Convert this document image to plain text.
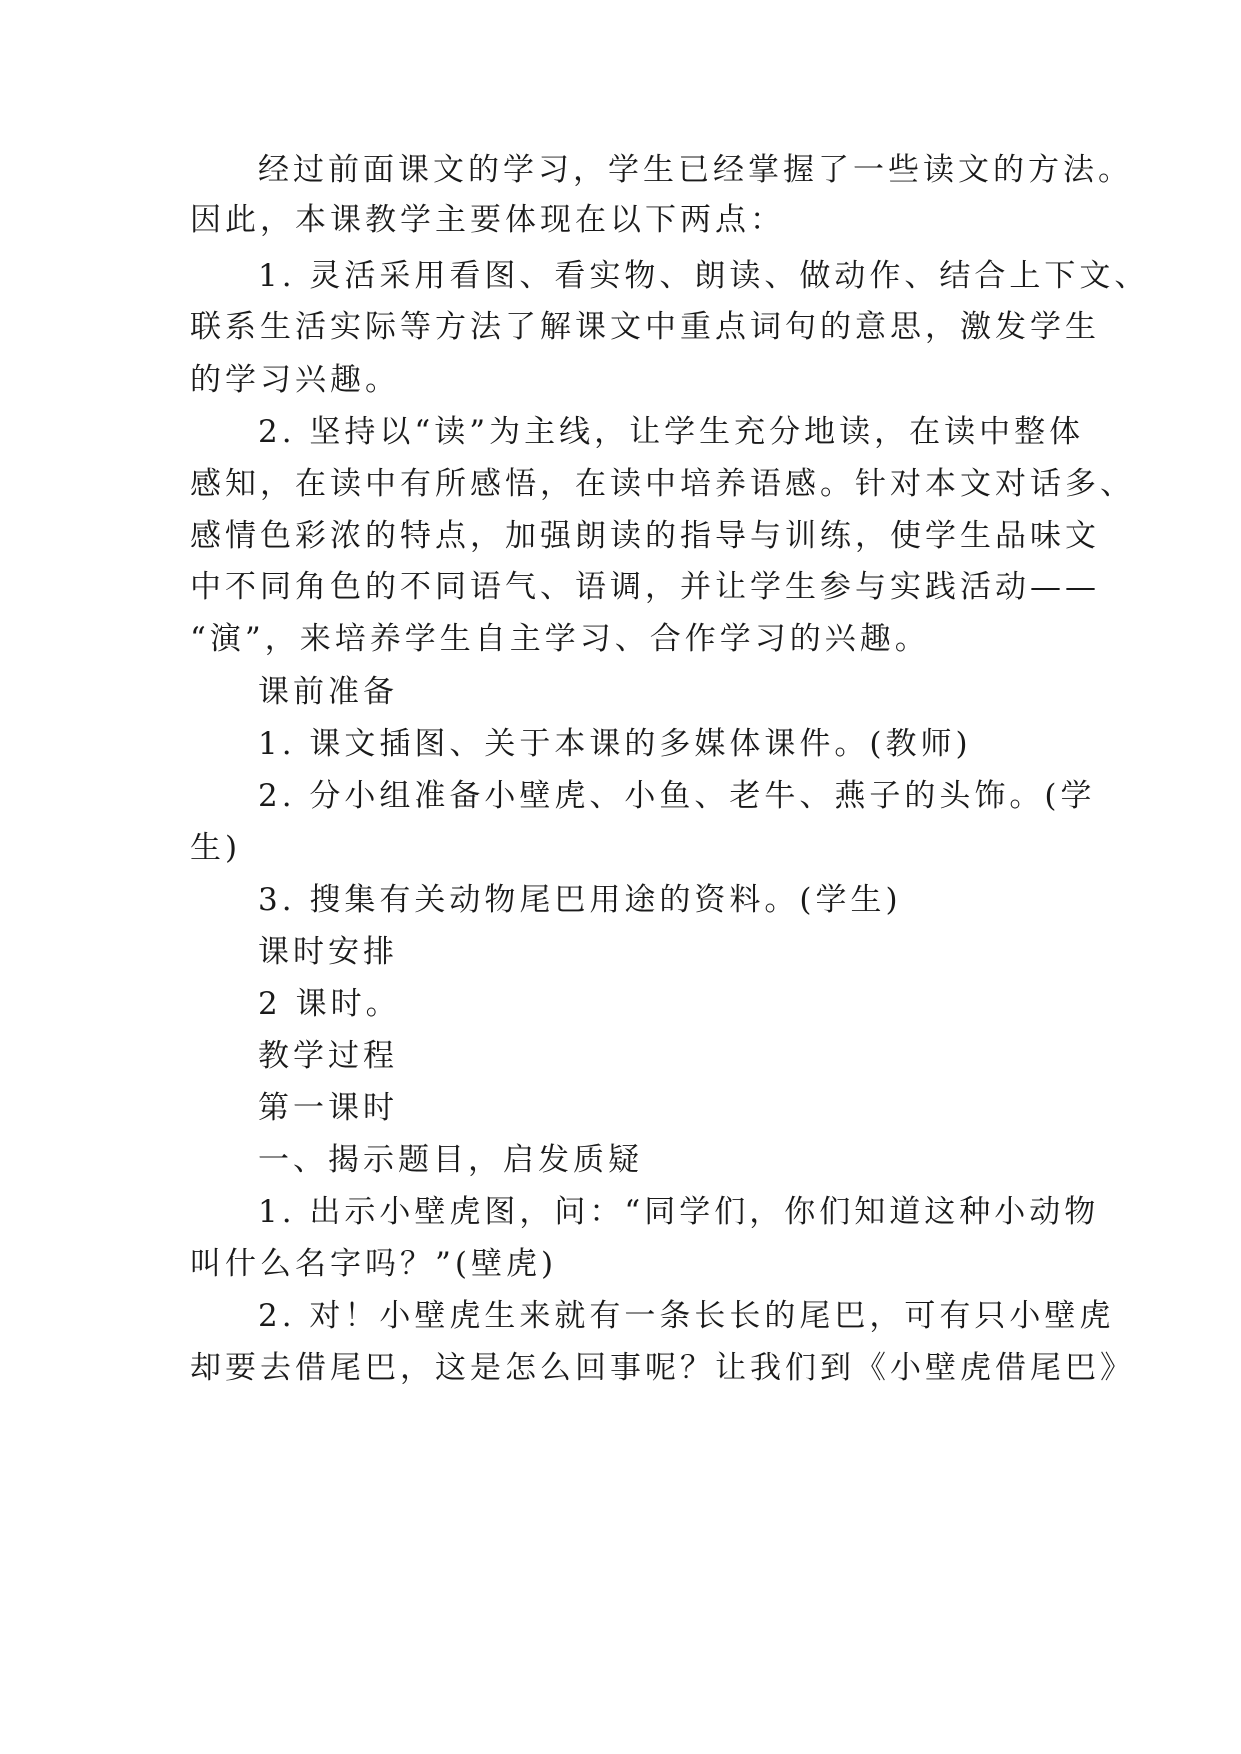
经过前面课文的学习，学生已经掌握了一些读文的方法。
因此，本课教学主要体现在以下两点：
1. 灵活采用看图、看实物、朗读、做动作、结合上下文、
联系生活实际等方法了解课文中重点词句的意思，激发学生
的学习兴趣。
2. 坚持以“读”为主线，让学生充分地读，在读中整体
感知，在读中有所感悟，在读中培养语感。针对本文对话多、
感情色彩浓的特点，加强朗读的指导与训练，使学生品味文
中不同角色的不同语气、语调，并让学生参与实践活动——
“演”，来培养学生自主学习、合作学习的兴趣。
课前准备
1. 课文插图、关于本课的多媒体课件。(教师)
2. 分小组准备小壁虎、小鱼、老牛、燕子的头饰。(学
生)
3. 搜集有关动物尾巴用途的资料。(学生)
课时安排
2 课时。
教学过程
第一课时
一、揭示题目，启发质疑
1. 出示小壁虎图，问：“同学们，你们知道这种小动物
叫什么名字吗？”(壁虎)
2. 对！小壁虎生来就有一条长长的尾巴，可有只小壁虎
却要去借尾巴，这是怎么回事呢？让我们到《小壁虎借尾巴》
